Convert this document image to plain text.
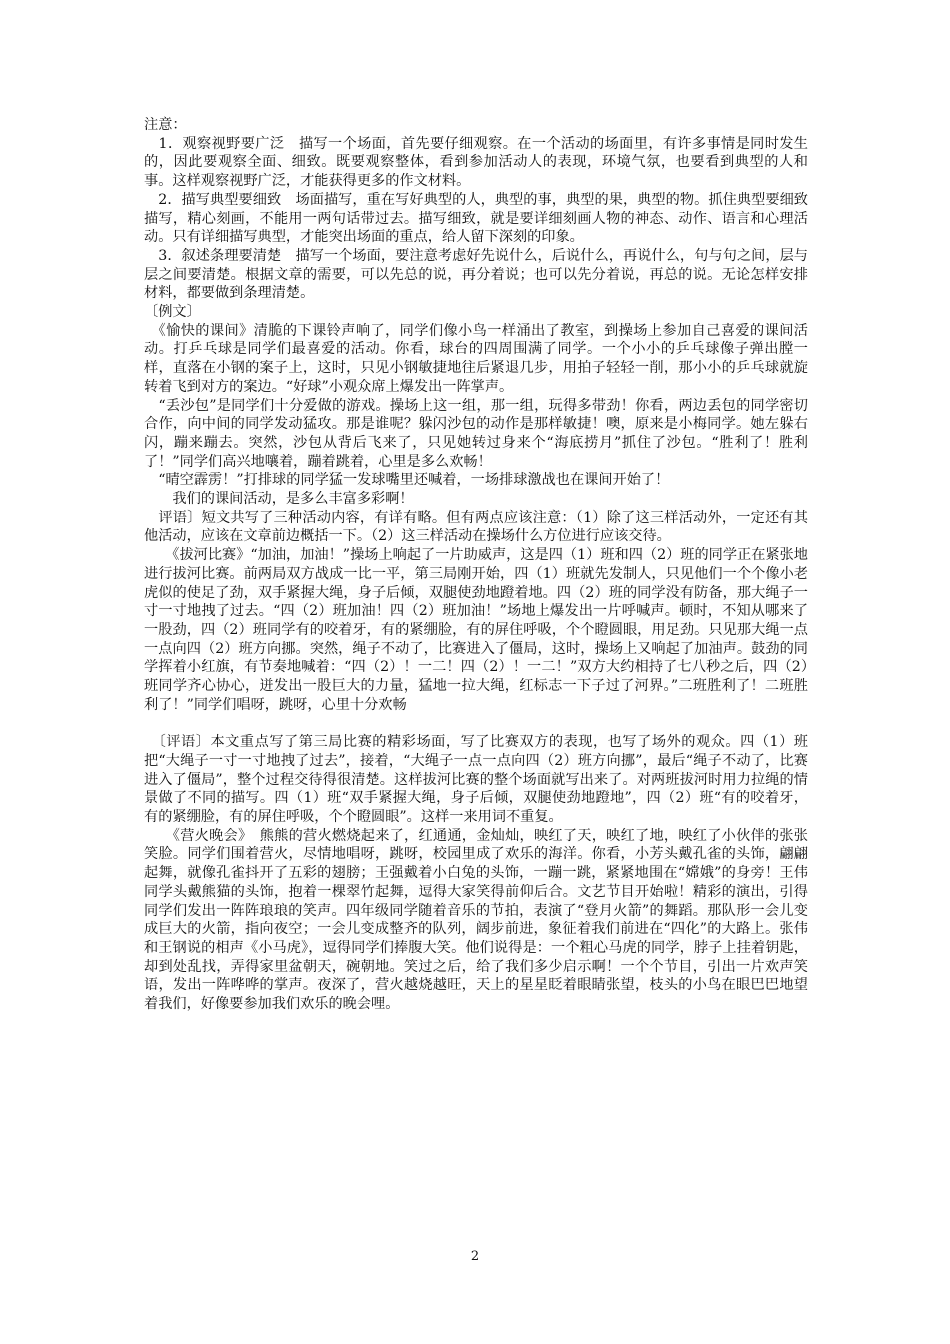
注意：

　1．观察视野要广泛　描写一个场面，首先要仔细观察。在一个活动的场面里，有许多事情是同时发生的，因此要观察全面、细致。既要观察整体，看到参加活动人的表现，环境气氛，也要看到典型的人和事。这样观察视野广泛，才能获得更多的作文材料。

　2．描写典型要细致　场面描写，重在写好典型的人，典型的事，典型的果，典型的物。抓住典型要细致描写，精心刻画，不能用一两句话带过去。描写细致，就是要详细刻画人物的神态、动作、语言和心理活动。只有详细描写典型，才能突出场面的重点，给人留下深刻的印象。

　3．叙述条理要清楚　描写一个场面，要注意考虑好先说什么，后说什么，再说什么，句与句之间，层与层之间要清楚。根据文章的需要，可以先总的说，再分着说；也可以先分着说，再总的说。无论怎样安排材料，都要做到条理清楚。

〔例文〕

　《愉快的课间》清脆的下课铃声响了，同学们像小鸟一样涌出了教室，到操场上参加自己喜爱的课间活动。打乒乓球是同学们最喜爱的活动。你看，球台的四周围满了同学。一个小小的乒乓球像子弹出膛一样，直落在小钢的案子上，这时，只见小钢敏捷地往后紧退几步，用拍子轻轻一削，那小小的乒乓球就旋转着飞到对方的案边。“好球”小观众席上爆发出一阵掌声。

　“丢沙包”是同学们十分爱做的游戏。操场上这一组，那一组，玩得多带劲！你看，两边丢包的同学密切合作，向中间的同学发动猛攻。那是谁呢？躲闪沙包的动作是那样敏捷！噢，原来是小梅同学。她左躲右闪，蹦来蹦去。突然，沙包从背后飞来了，只见她转过身来个“海底捞月”抓住了沙包。“胜利了！胜利了！”同学们高兴地嚷着，蹦着跳着，心里是多么欢畅！

　“晴空霹雳！”打排球的同学猛一发球嘴里还喊着，一场排球激战也在课间开始了！

　　我们的课间活动，是多么丰富多彩啊！

　评语〕短文共写了三种活动内容，有详有略。但有两点应该注意：（1）除了这三样活动外，一定还有其他活动，应该在文章前边概括一下。（2）这三样活动在操场什么方位进行应该交待。

　　《拔河比赛》“加油，加油！”操场上响起了一片助威声，这是四（1）班和四（2）班的同学正在紧张地进行拔河比赛。前两局双方战成一比一平，第三局刚开始，四（1）班就先发制人，只见他们一个个像小老虎似的使足了劲，双手紧握大绳，身子后倾，双腿使劲地蹬着地。四（2）班的同学没有防备，那大绳子一寸一寸地拽了过去。“四（2）班加油！四（2）班加油！”场地上爆发出一片呼喊声。顿时，不知从哪来了一股劲，四（2）班同学有的咬着牙，有的紧绷脸，有的屏住呼吸，个个瞪圆眼，用足劲。只见那大绳一点一点向四（2）班方向挪。突然，绳子不动了，比赛进入了僵局，这时，操场上又响起了加油声。鼓劲的同学挥着小红旗，有节奏地喊着：“四（2）！一二！四（2）！一二！”双方大约相持了七八秒之后，四（2）班同学齐心协心，迸发出一股巨大的力量，猛地一拉大绳，红标志一下子过了河界。”二班胜利了！二班胜利了！”同学们唱呀，跳呀，心里十分欢畅

　〔评语〕本文重点写了第三局比赛的精彩场面，写了比赛双方的表现，也写了场外的观众。四（1）班把“大绳子一寸一寸地拽了过去”，接着，“大绳子一点一点向四（2）班方向挪”，最后“绳子不动了，比赛进入了僵局”，整个过程交待得很清楚。这样拔河比赛的整个场面就写出来了。对两班拔河时用力拉绳的情景做了不同的描写。四（1）班“双手紧握大绳，身子后倾，双腿使劲地蹬地”，四（2）班“有的咬着牙，有的紧绷脸，有的屏住呼吸，个个瞪圆眼”。这样一来用词不重复。

　　《营火晚会》　熊熊的营火燃烧起来了，红通通，金灿灿，映红了天，映红了地，映红了小伙伴的张张笑脸。同学们围着营火，尽情地唱呀，跳呀，校园里成了欢乐的海洋。你看，小芳头戴孔雀的头饰，翩翩起舞，就像孔雀抖开了五彩的翅膀；王强戴着小白兔的头饰，一蹦一跳，紧紧地围在“嫦娥”的身旁！王伟同学头戴熊猫的头饰，抱着一棵翠竹起舞，逗得大家笑得前仰后合。文艺节目开始啦！精彩的演出，引得同学们发出一阵阵琅琅的笑声。四年级同学随着音乐的节拍，表演了“登月火箭”的舞蹈。那队形一会儿变成巨大的火箭，指向夜空；一会儿变成整齐的队列，阔步前进，象征着我们前进在“四化”的大路上。张伟和王钢说的相声《小马虎》，逗得同学们捧腹大笑。他们说得是：一个粗心马虎的同学，脖子上挂着钥匙，却到处乱找，弄得家里盆朝天，碗朝地。笑过之后，给了我们多少启示啊！一个个节目，引出一片欢声笑语，发出一阵哗哗的掌声。夜深了，营火越烧越旺，天上的星星眨着眼睛张望，枝头的小鸟在眼巴巴地望着我们，好像要参加我们欢乐的晚会哩。

2
